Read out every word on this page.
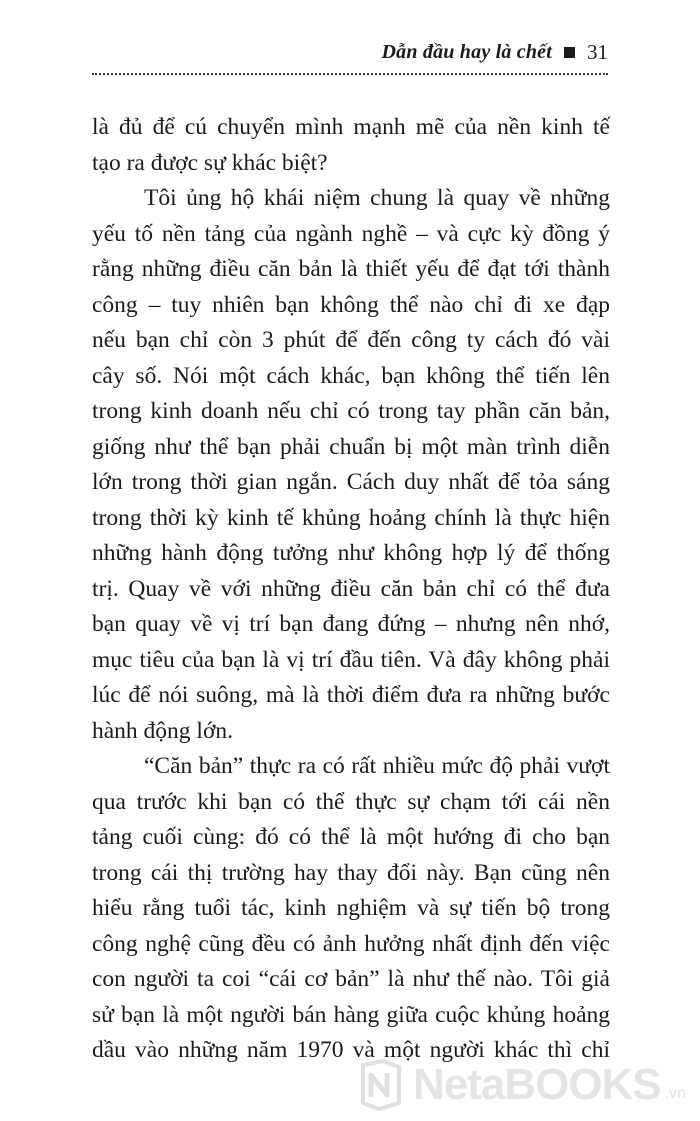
Dẫn đầu hay là chết 31
là đủ để cú chuyển mình mạnh mẽ của nền kinh tế
tạo ra được sự khác biệt?
Tôi ủng hộ khái niệm chung là quay về những
yếu tố nền tảng của ngành nghề – và cực kỳ đồng ý
rằng những điều căn bản là thiết yếu để đạt tới thành
công – tuy nhiên bạn không thể nào chỉ đi xe đạp
nếu bạn chỉ còn 3 phút để đến công ty cách đó vài
cây số. Nói một cách khác, bạn không thể tiến lên
trong kinh doanh nếu chỉ có trong tay phần căn bản,
giống như thể bạn phải chuẩn bị một màn trình diễn
lớn trong thời gian ngắn. Cách duy nhất để tỏa sáng
trong thời kỳ kinh tế khủng hoảng chính là thực hiện
những hành động tưởng như không hợp lý để thống
trị. Quay về với những điều căn bản chỉ có thể đưa
bạn quay về vị trí bạn đang đứng – nhưng nên nhớ,
mục tiêu của bạn là vị trí đầu tiên. Và đây không phải
lúc để nói suông, mà là thời điểm đưa ra những bước
hành động lớn.
“Căn bản” thực ra có rất nhiều mức độ phải vượt
qua trước khi bạn có thể thực sự chạm tới cái nền
tảng cuối cùng: đó có thể là một hướng đi cho bạn
trong cái thị trường hay thay đổi này. Bạn cũng nên
hiểu rằng tuổi tác, kinh nghiệm và sự tiến bộ trong
công nghệ cũng đều có ảnh hưởng nhất định đến việc
con người ta coi “cái cơ bản” là như thế nào. Tôi giả
sử bạn là một người bán hàng giữa cuộc khủng hoảng
dầu vào những năm 1970 và một người khác thì chỉ
NetaBOOKS .vn
